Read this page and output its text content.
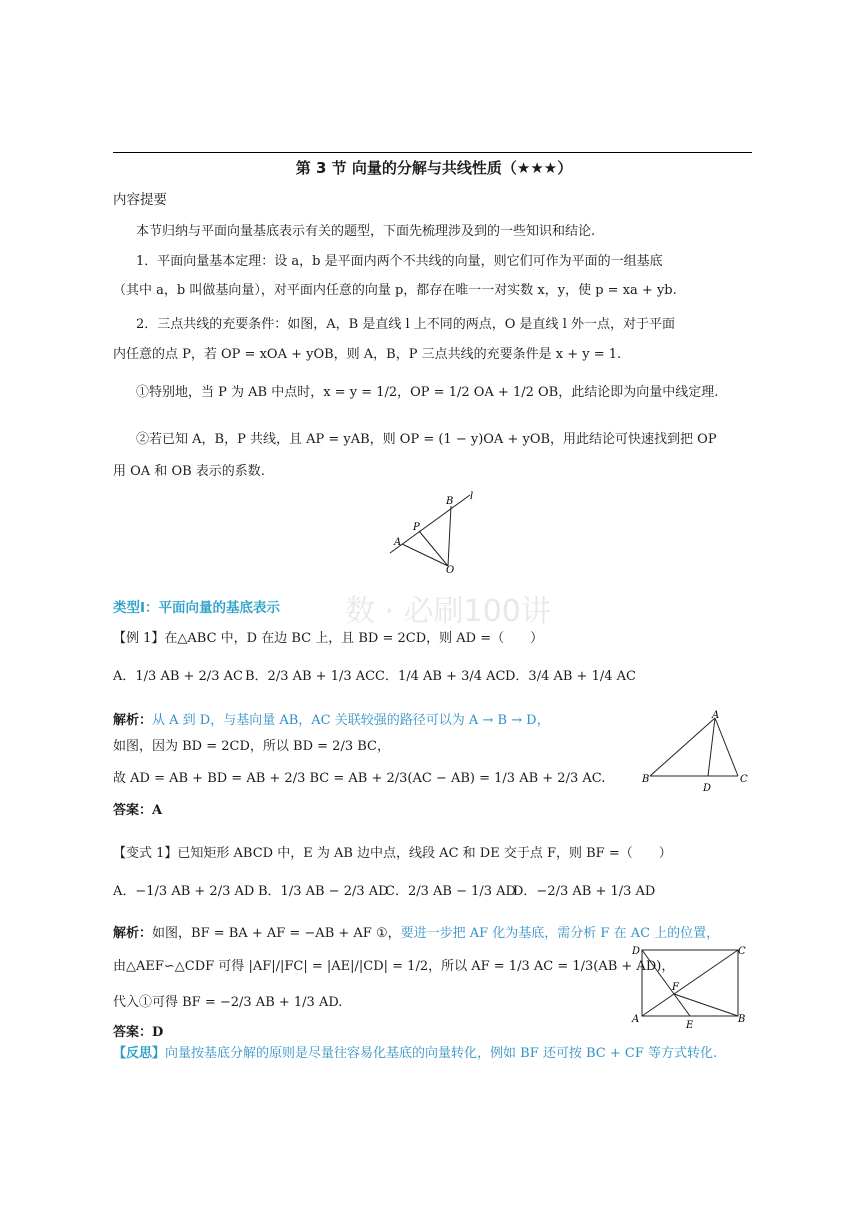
第 3 节 向量的分解与共线性质（★★★）
内容提要
本节归纳与平面向量基底表示有关的题型，下面先梳理涉及到的一些知识和结论.
1．平面向量基本定理：设 a，b 是平面内两个不共线的向量，则它们可作为平面的一组基底
（其中 a，b 叫做基向量），对平面内任意的向量 p，都存在唯一一对实数 x，y，使 p = xa + yb.
2．三点共线的充要条件：如图，A，B 是直线 l 上不同的两点，O 是直线 l 外一点，对于平面
内任意的点 P，若 OP = xOA + yOB，则 A，B，P 三点共线的充要条件是 x + y = 1.
①特别地，当 P 为 AB 中点时，x = y = 1/2，OP = 1/2 OA + 1/2 OB，此结论即为向量中线定理.
②若已知 A，B，P 共线，且 AP = yAB，则 OP = (1 − y)OA + yOB，用此结论可快速找到把 OP
用 OA 和 OB 表示的系数.
B l
P
A
O
类型Ⅰ：平面向量的基底表示 数 · 必刷100讲
【例 1】在△ABC 中，D 在边 BC 上，且 BD = 2CD，则 AD =（　　）
A．1/3 AB + 2/3 AC B．2/3 AB + 1/3 AC C．1/4 AB + 3/4 AC D．3/4 AB + 1/4 AC
解析：从 A 到 D，与基向量 AB，AC 关联较强的路径可以为 A → B → D，
如图，因为 BD = 2CD，所以 BD = 2/3 BC，
故 AD = AB + BD = AB + 2/3 BC = AB + 2/3(AC − AB) = 1/3 AB + 2/3 AC.
答案：A
A
B
D
C
【变式 1】已知矩形 ABCD 中，E 为 AB 边中点，线段 AC 和 DE 交于点 F，则 BF =（　　）
A．−1/3 AB + 2/3 AD B．1/3 AB − 2/3 AD
C．2/3 AB − 1/3 AD
D．−2/3 AB + 1/3 AD
解析：如图，BF = BA + AF = −AB + AF ①，要进一步把 AF 化为基底，需分析 F 在 AC 上的位置，
由△AEF∽△CDF 可得 |AF|/|FC| = |AE|/|CD| = 1/2，所以 AF = 1/3 AC = 1/3(AB + AD)，
代入①可得 BF = −2/3 AB + 1/3 AD.
答案：D
【反思】向量按基底分解的原则是尽量往容易化基底的向量转化，例如 BF 还可按 BC + CF 等方式转化.
D	C
F
A
E
B
